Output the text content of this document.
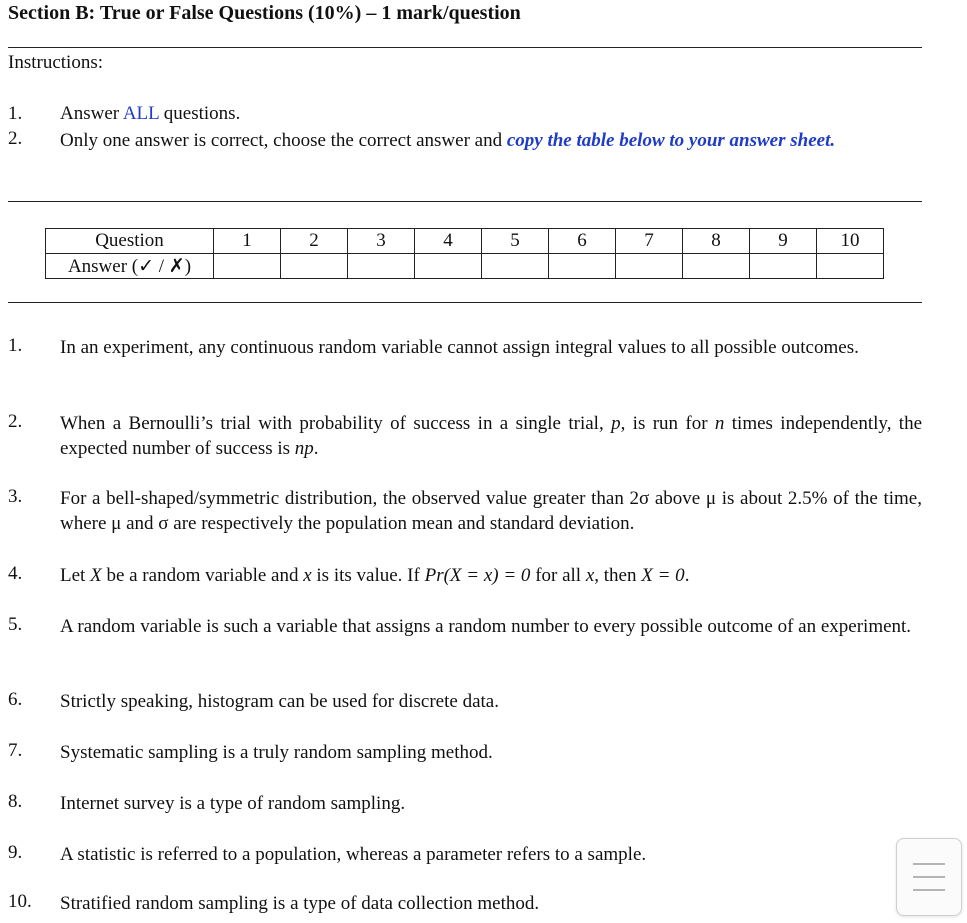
Section B: True or False Questions (10%) – 1 mark/question
Instructions:
1. Answer ALL questions.
2. Only one answer is correct, choose the correct answer and copy the table below to your answer sheet.
Question	1	2	3	4	5	6	7	8	9	10
Answer (✓ / ✗)										
1. In an experiment, any continuous random variable cannot assign integral values to all possible outcomes.
2. When a Bernoulli’s trial with probability of success in a single trial, p, is run for n times independently, the expected number of success is np.
3. For a bell-shaped/symmetric distribution, the observed value greater than 2σ above μ is about 2.5% of the time, where μ and σ are respectively the population mean and standard deviation.
4. Let X be a random variable and x is its value. If Pr(X = x) = 0 for all x, then X = 0.
5. A random variable is such a variable that assigns a random number to every possible outcome of an experiment.
6. Strictly speaking, histogram can be used for discrete data.
7. Systematic sampling is a truly random sampling method.
8. Internet survey is a type of random sampling.
9. A statistic is referred to a population, whereas a parameter refers to a sample.
10. Stratified random sampling is a type of data collection method.
